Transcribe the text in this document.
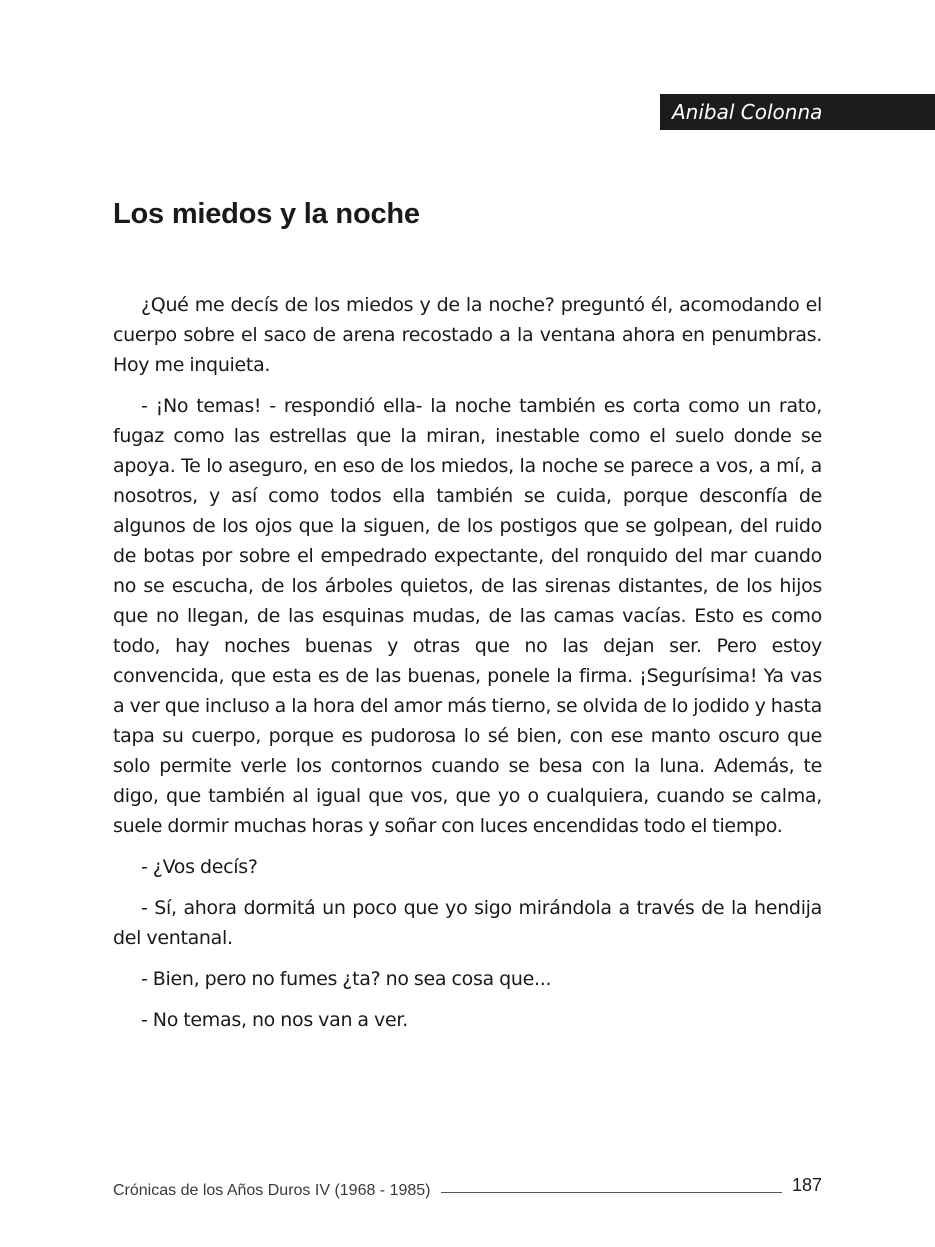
Anibal Colonna
Los miedos y la noche

¿Qué me decís de los miedos y de la noche? preguntó él, acomodando el cuerpo sobre el saco de arena recostado a la ventana ahora en penumbras. Hoy me inquieta.

- ¡No temas! - respondió ella- la noche también es corta como un rato, fugaz como las estrellas que la miran, inestable como el suelo donde se apoya. Te lo aseguro, en eso de los miedos, la noche se parece a vos, a mí, a nosotros, y así como todos ella también se cuida, porque desconfía de algunos de los ojos que la siguen, de los postigos que se golpean, del ruido de botas por sobre el empedrado expectante, del ronquido del mar cuando no se escucha, de los árboles quietos, de las sirenas distantes, de los hijos que no llegan, de las esquinas mudas, de las camas vacías. Esto es como todo, hay noches buenas y otras que no las dejan ser. Pero estoy convencida, que esta es de las buenas, ponele la firma. ¡Segurísima! Ya vas a ver que incluso a la hora del amor más tierno, se olvida de lo jodido y hasta tapa su cuerpo, porque es pudorosa lo sé bien, con ese manto oscuro que solo permite verle los contornos cuando se besa con la luna. Además, te digo, que también al igual que vos, que yo o cualquiera, cuando se calma, suele dormir muchas horas y soñar con luces encendidas todo el tiempo.

- ¿Vos decís?

- Sí, ahora dormitá un poco que yo sigo mirándola a través de la hendija del ventanal.

- Bien, pero no fumes ¿ta? no sea cosa que...

- No temas, no nos van a ver.

Crónicas de los Años Duros IV (1968 - 1985)	187
